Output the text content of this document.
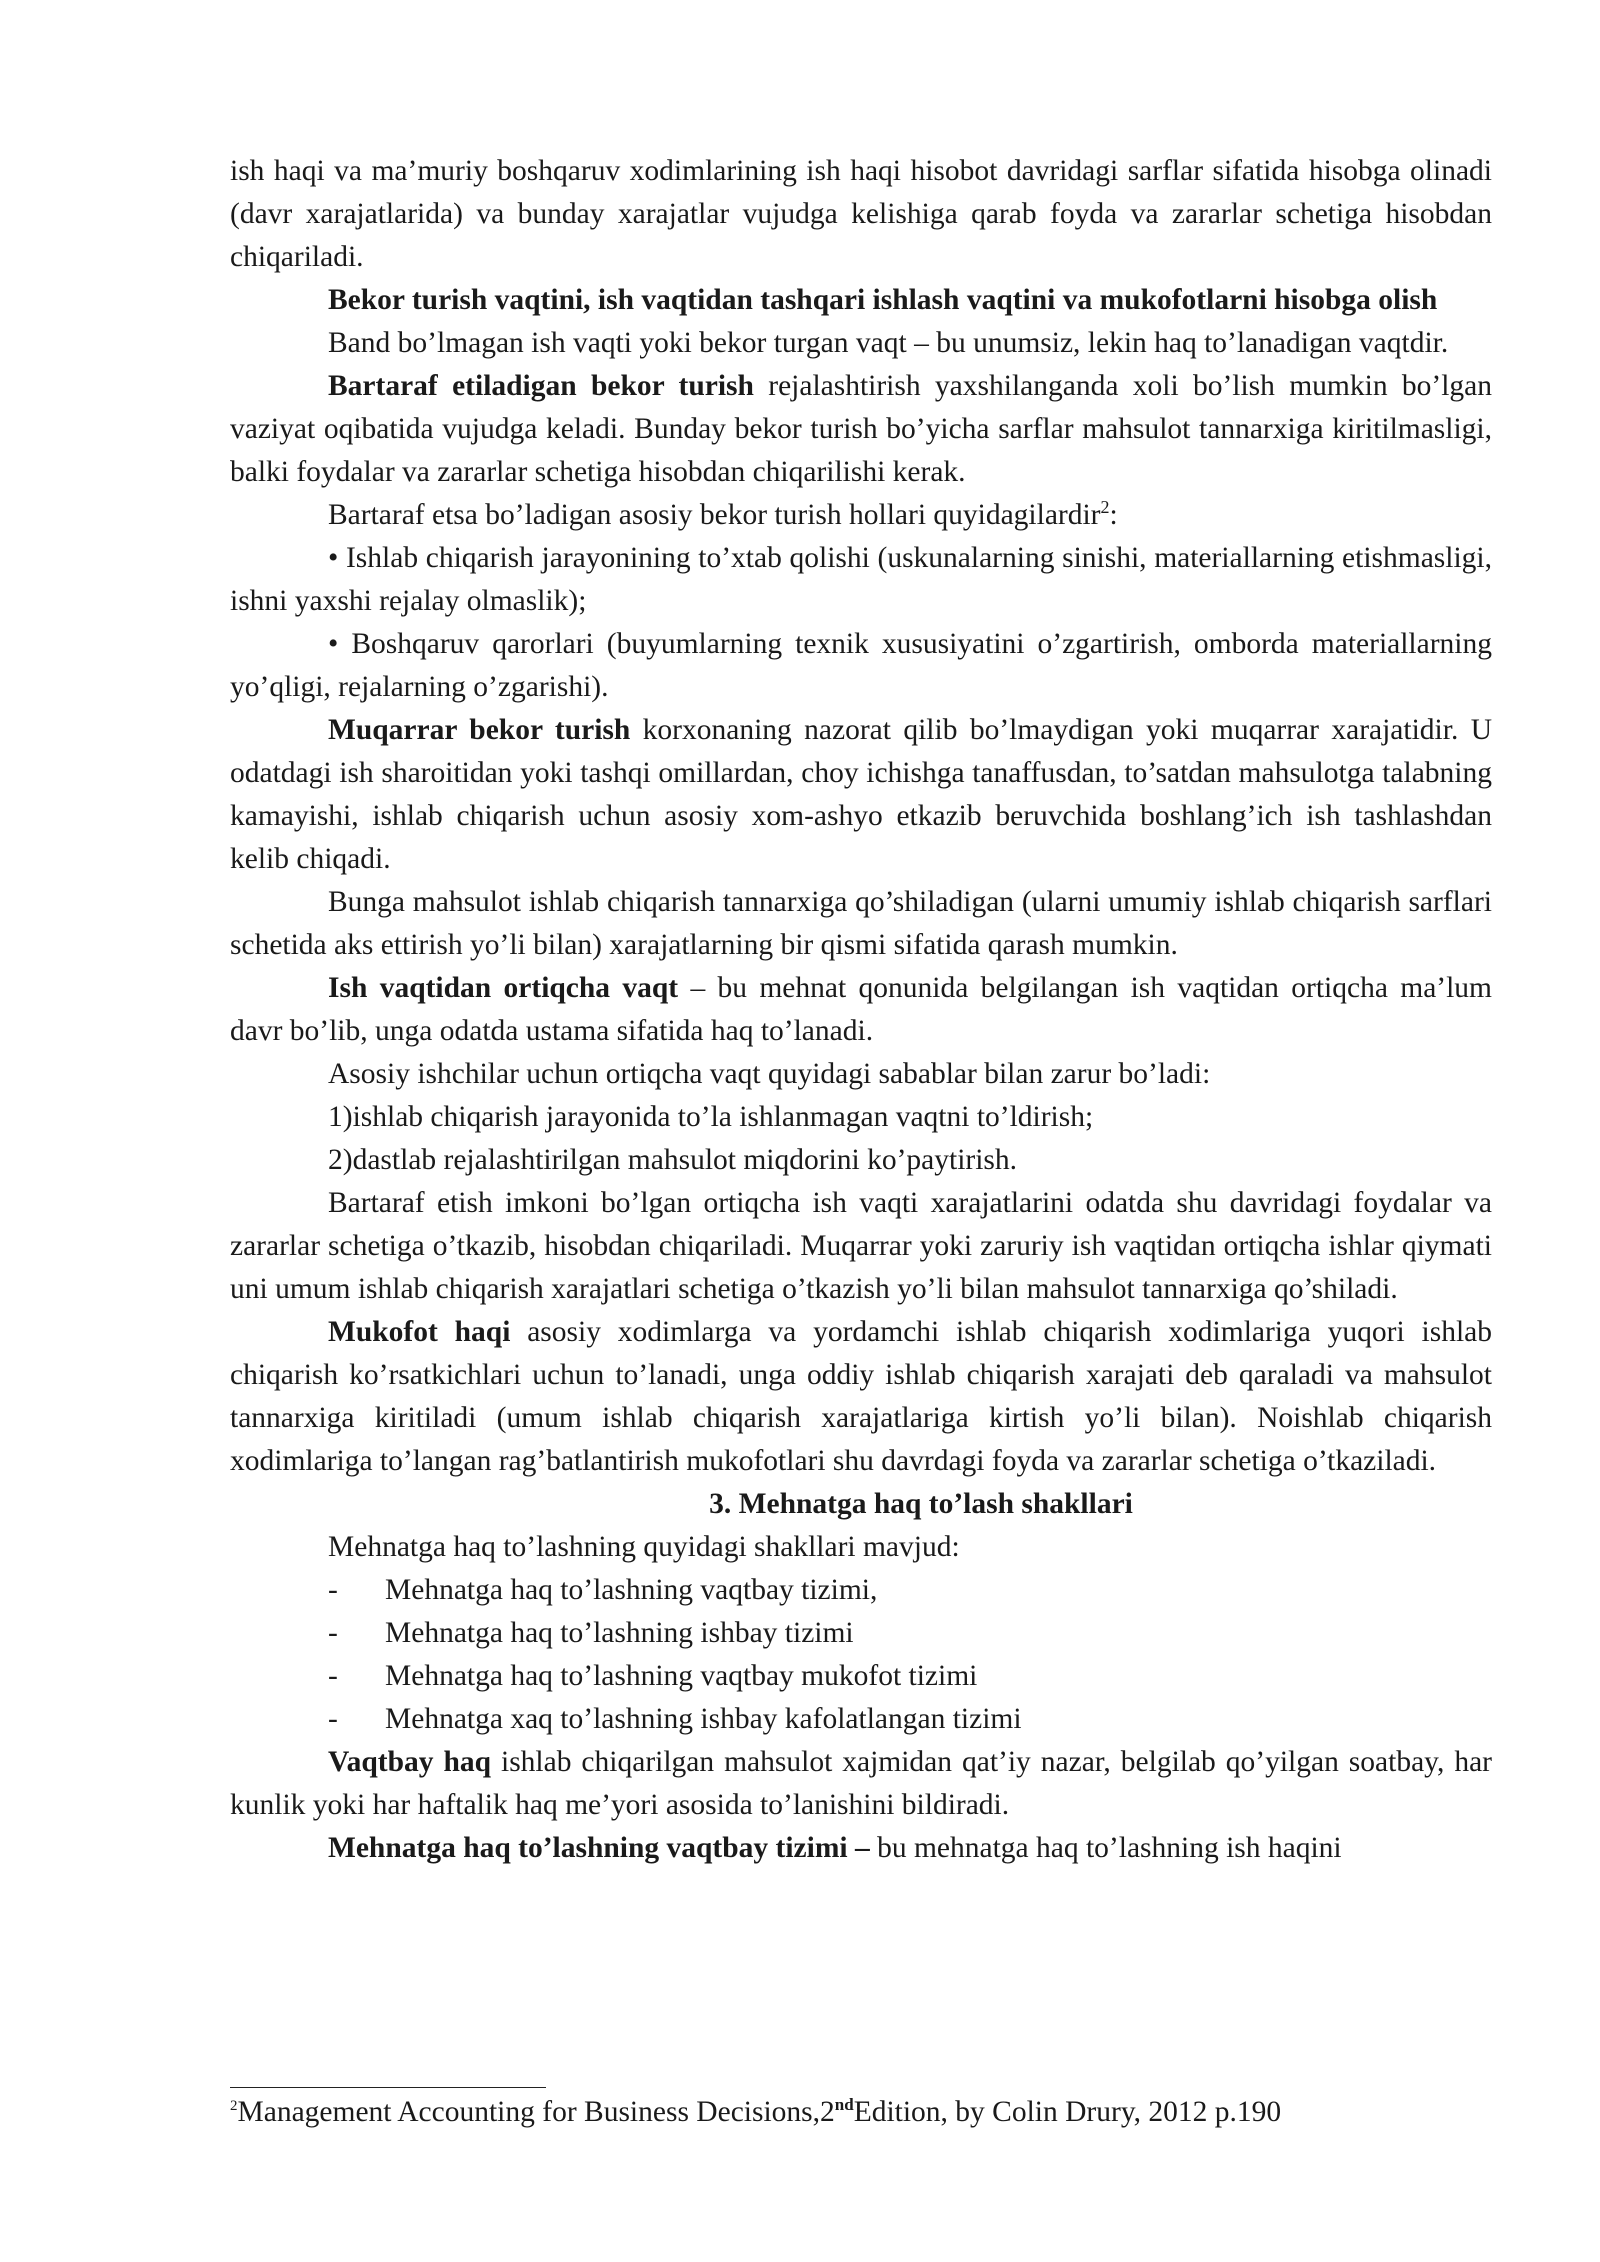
ish haqi va ma’muriy boshqaruv xodimlarining ish haqi hisobot davridagi sarflar sifatida hisobga olinadi (davr xarajatlarida) va bunday xarajatlar vujudga kelishiga qarab foyda va zararlar schetiga hisobdan chiqariladi.

Bekor turish vaqtini, ish vaqtidan tashqari ishlash vaqtini va mukofotlarni hisobga olish

Band bo’lmagan ish vaqti yoki bekor turgan vaqt – bu unumsiz, lekin haq to’lanadigan vaqtdir.

Bartaraf etiladigan bekor turish rejalashtirish yaxshilanganda xoli bo’lish mumkin bo’lgan vaziyat oqibatida vujudga keladi. Bunday bekor turish bo’yicha sarflar mahsulot tannarxiga kiritilmasligi, balki foydalar va zararlar schetiga hisobdan chiqarilishi kerak.

Bartaraf etsa bo’ladigan asosiy bekor turish hollari quyidagilardir$^2$:

• Ishlab chiqarish jarayonining to’xtab qolishi (uskunalarning sinishi, materiallarning etishmasligi, ishni yaxshi rejalay olmaslik);

• Boshqaruv qarorlari (buyumlarning texnik xususiyatini o’zgartirish, omborda materiallarning yo’qligi, rejalarning o’zgarishi).

Muqarrar bekor turish korxonaning nazorat qilib bo’lmaydigan yoki muqarrar xarajatidir. U odatdagi ish sharoitidan yoki tashqi omillardan, choy ichishga tanaffusdan, to’satdan mahsulotga talabning kamayishi, ishlab chiqarish uchun asosiy xom-ashyo etkazib beruvchida boshlang’ich ish tashlashdan kelib chiqadi.

Bunga mahsulot ishlab chiqarish tannarxiga qo’shiladigan (ularni umumiy ishlab chiqarish sarflari schetida aks ettirish yo’li bilan) xarajatlarning bir qismi sifatida qarash mumkin.

Ish vaqtidan ortiqcha vaqt – bu mehnat qonunida belgilangan ish vaqtidan ortiqcha ma’lum davr bo’lib, unga odatda ustama sifatida haq to’lanadi.

Asosiy ishchilar uchun ortiqcha vaqt quyidagi sabablar bilan zarur bo’ladi:

1)ishlab chiqarish jarayonida to’la ishlanmagan vaqtni to’ldirish;

2)dastlab rejalashtirilgan mahsulot miqdorini ko’paytirish.

Bartaraf etish imkoni bo’lgan ortiqcha ish vaqti xarajatlarini odatda shu davridagi foydalar va zararlar schetiga o’tkazib, hisobdan chiqariladi. Muqarrar yoki zaruriy ish vaqtidan ortiqcha ishlar qiymati uni umum ishlab chiqarish xarajatlari schetiga o’tkazish yo’li bilan mahsulot tannarxiga qo’shiladi.

Mukofot haqi asosiy xodimlarga va yordamchi ishlab chiqarish xodimlariga yuqori ishlab chiqarish ko’rsatkichlari uchun to’lanadi, unga oddiy ishlab chiqarish xarajati deb qaraladi va mahsulot tannarxiga kiritiladi (umum ishlab chiqarish xarajatlariga kirtish yo’li bilan). Noishlab chiqarish xodimlariga to’langan rag’batlantirish mukofotlari shu davrdagi foyda va zararlar schetiga o’tkaziladi.

3. Mehnatga haq to’lash shakllari

Mehnatga haq to’lashning quyidagi shakllari mavjud:

-	Mehnatga haq to’lashning vaqtbay tizimi,
-	Mehnatga haq to’lashning ishbay tizimi
-	Mehnatga haq to’lashning vaqtbay mukofot tizimi
-	Mehnatga xaq to’lashning ishbay kafolatlangan tizimi

Vaqtbay haq ishlab chiqarilgan mahsulot xajmidan qat’iy nazar, belgilab qo’yilgan soatbay, har kunlik yoki har haftalik haq me’yori asosida to’lanishini bildiradi.

Mehnatga haq to’lashning vaqtbay tizimi – bu mehnatga haq to’lashning ish haqini

$^2$Management Accounting for Business Decisions,2ndEdition, by Colin Drury, 2012 p.190
